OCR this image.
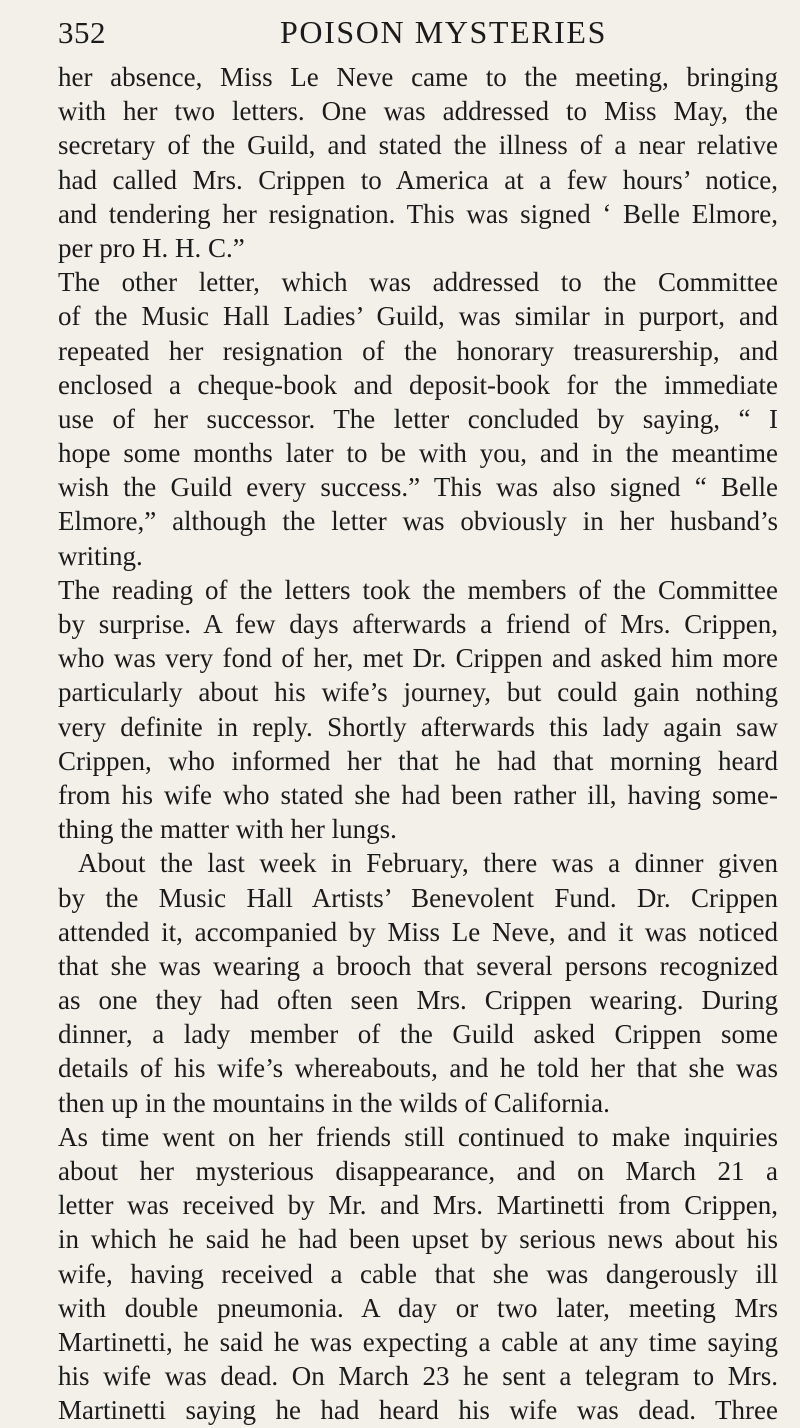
352	POISON MYSTERIES
her absence, Miss Le Neve came to the meeting, bringing
with her two letters. One was addressed to Miss May, the
secretary of the Guild, and stated the illness of a near relative
had called Mrs. Crippen to America at a few hours’ notice,
and tendering her resignation. This was signed ‘ Belle Elmore,
per pro H. H. C.”
The other letter, which was addressed to the Committee
of the Music Hall Ladies’ Guild, was similar in purport, and
repeated her resignation of the honorary treasurership, and
enclosed a cheque-book and deposit-book for the immediate
use of her successor. The letter concluded by saying, “ I
hope some months later to be with you, and in the meantime
wish the Guild every success.” This was also signed “ Belle
Elmore,” although the letter was obviously in her husband’s
writing.
The reading of the letters took the members of the Committee
by surprise. A few days afterwards a friend of Mrs. Crippen,
who was very fond of her, met Dr. Crippen and asked him more
particularly about his wife’s journey, but could gain nothing
very definite in reply. Shortly afterwards this lady again saw
Crippen, who informed her that he had that morning heard
from his wife who stated she had been rather ill, having some-
thing the matter with her lungs.
About the last week in February, there was a dinner given
by the Music Hall Artists’ Benevolent Fund. Dr. Crippen
attended it, accompanied by Miss Le Neve, and it was noticed
that she was wearing a brooch that several persons recognized
as one they had often seen Mrs. Crippen wearing. During
dinner, a lady member of the Guild asked Crippen some
details of his wife’s whereabouts, and he told her that she was
then up in the mountains in the wilds of California.
As time went on her friends still continued to make inquiries
about her mysterious disappearance, and on March 21 a
letter was received by Mr. and Mrs. Martinetti from Crippen,
in which he said he had been upset by serious news about his
wife, having received a cable that she was dangerously ill
with double pneumonia. A day or two later, meeting Mrs
Martinetti, he said he was expecting a cable at any time saying
his wife was dead. On March 23 he sent a telegram to Mrs.
Martinetti saying he had heard his wife was dead. Three
